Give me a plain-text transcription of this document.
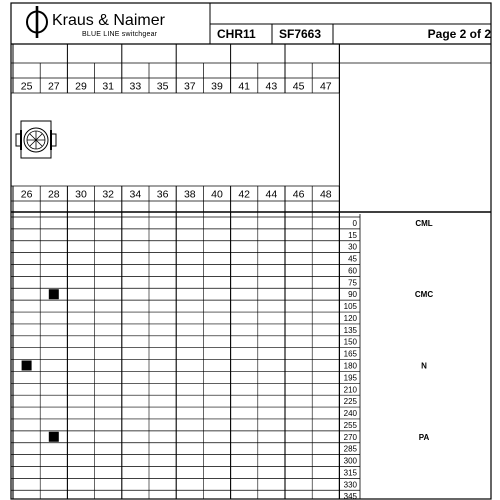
Kraus & Naimer
BLUE LINE switchgear	CHR11 SF7663	Page 2 of 2
25 27 29 31 33 35 37 39 41 43 45 47
26 28 30 32 34 36 38 40 42 44 46 48
0	CML
15
30
45
60
75
90	CMC
105
120
135
150
165
180	N
195
210
225
240
255
270	PA
285
300
315
330
345
